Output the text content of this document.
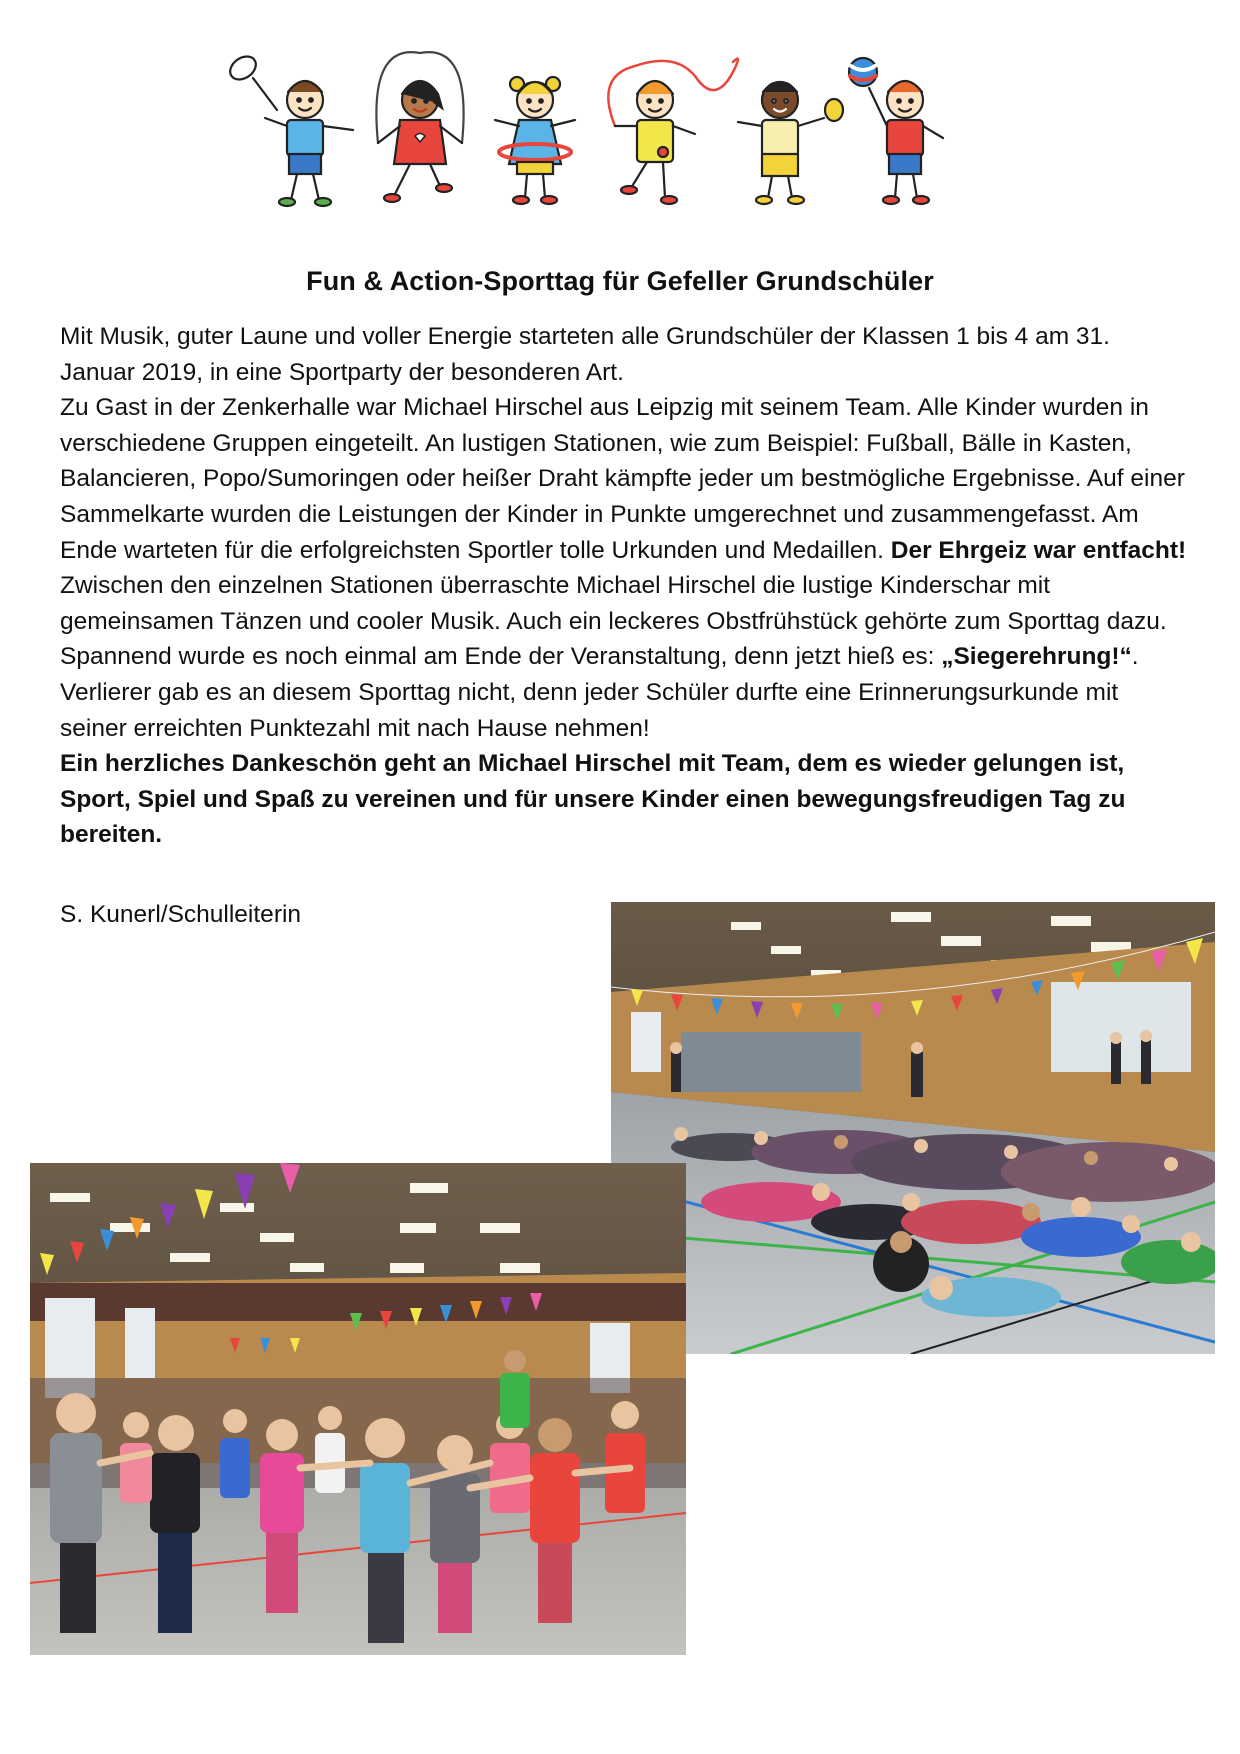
Fun & Action-Sporttag für Gefeller Grundschüler

Mit Musik, guter Laune und voller Energie starteten alle Grundschüler der Klassen 1 bis 4 am 31. Januar 2019, in eine Sportparty der besonderen Art.

Zu Gast in der Zenkerhalle war Michael Hirschel aus Leipzig mit seinem Team. Alle Kinder wurden in verschiedene Gruppen eingeteilt. An lustigen Stationen, wie zum Beispiel: Fußball, Bälle in Kasten, Balancieren, Popo/Sumoringen oder heißer Draht kämpfte jeder um bestmögliche Ergebnisse. Auf einer Sammelkarte wurden die Leistungen der Kinder in Punkte umgerechnet und zusammengefasst. Am Ende warteten für die erfolgreichsten Sportler tolle Urkunden und Medaillen. Der Ehrgeiz war entfacht!

Zwischen den einzelnen Stationen überraschte Michael Hirschel die lustige Kinderschar mit gemeinsamen Tänzen und cooler Musik. Auch ein leckeres Obstfrühstück gehörte zum Sporttag dazu. Spannend wurde es noch einmal am Ende der Veranstaltung, denn jetzt hieß es: „Siegerehrung!“. Verlierer gab es an diesem Sporttag nicht, denn jeder Schüler durfte eine Erinnerungsurkunde mit seiner erreichten Punktezahl mit nach Hause nehmen!

Ein herzliches Dankeschön geht an Michael Hirschel mit Team, dem es wieder gelungen ist, Sport, Spiel und Spaß zu vereinen und für unsere Kinder einen bewegungsfreudigen Tag zu bereiten.

S. Kunerl/Schulleiterin
